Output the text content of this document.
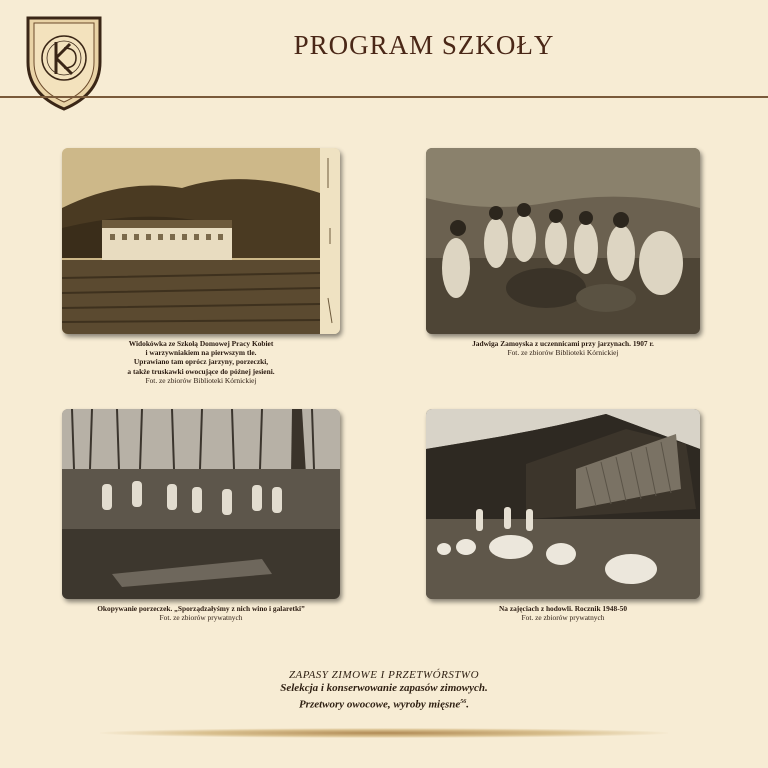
PROGRAM SZKOŁY
Widokówka ze Szkołą Domowej Pracy Kobiet
i warzywniakiem na pierwszym tle.
Uprawiano tam oprócz jarzyny, porzeczki,
a także truskawki owocujące do późnej jesieni.
Fot. ze zbiorów Biblioteki Kórnickiej
Jadwiga Zamoyska z uczennicami przy jarzynach. 1907 r.
Fot. ze zbiorów Biblioteki Kórnickiej
Okopywanie porzeczek. „Sporządzałyśmy z nich wino i galaretki”
Fot. ze zbiorów prywatnych
Na zajęciach z hodowli. Rocznik 1948-50
Fot. ze zbiorów prywatnych
ZAPASY ZIMOWE I PRZETWÓRSTWO
Selekcja i konserwowanie zapasów zimowych.
Przetwory owocowe, wyroby mięsne$^{56}$.
